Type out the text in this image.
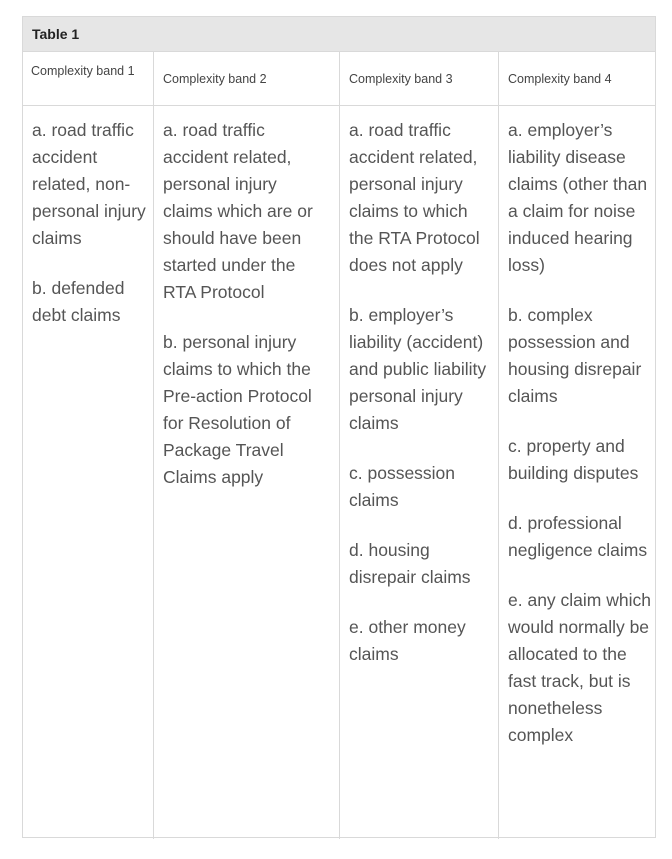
Table 1
Complexity band 1
Complexity band 2	Complexity band 3	Complexity band 4

a. road traffic accident related, non-personal injury claims

b. defended debt claims

a. road traffic accident related, personal injury claims which are or should have been started under the RTA Protocol

b. personal injury claims to which the Pre-action Protocol for Resolution of Package Travel Claims apply

a. road traffic accident related, personal injury claims to which the RTA Protocol does not apply

b. employer’s liability (accident) and public liability personal injury claims

c. possession claims

d. housing disrepair claims

e. other money claims

a. employer’s liability disease claims (other than a claim for noise induced hearing loss)

b. complex possession and housing disrepair claims

c. property and building disputes

d. professional negligence claims

e. any claim which would normally be allocated to the fast track, but is nonetheless complex
